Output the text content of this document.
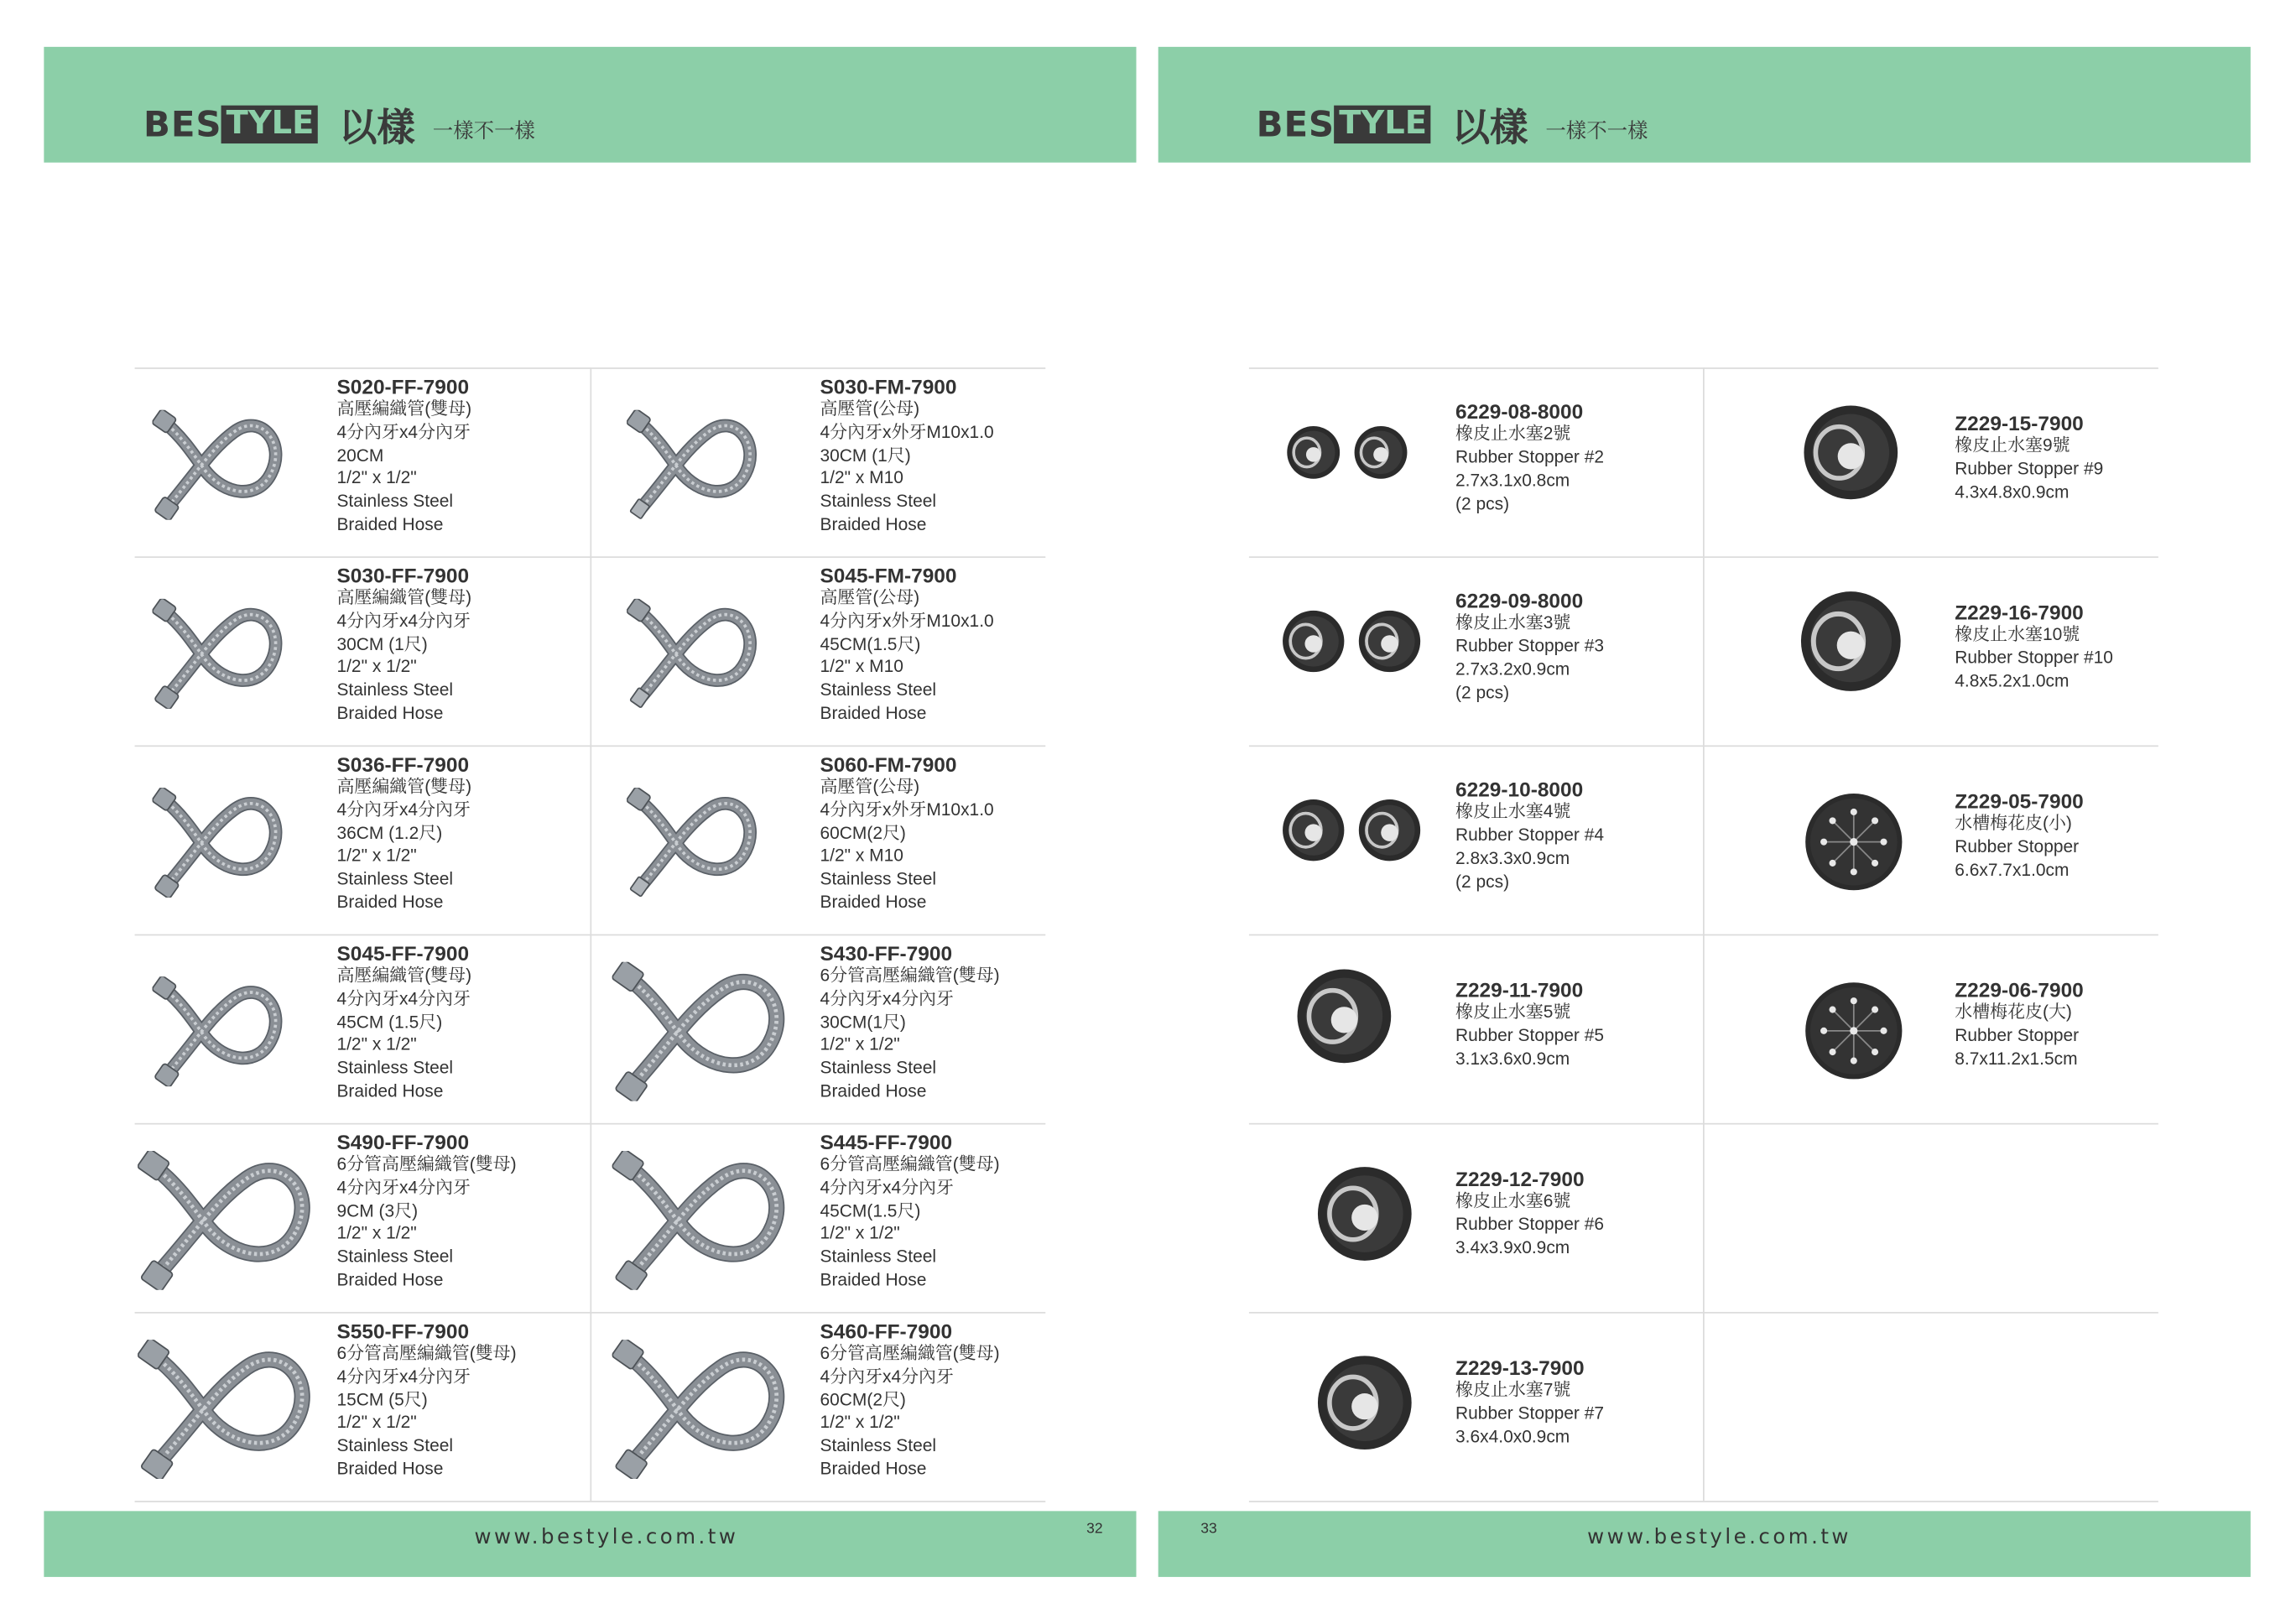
BES TYLE 以樣 一樣不一樣
www.bestyle.com.tw	32
BES TYLE 以樣 一樣不一樣
www.bestyle.com.tw
33
S020-FF-7900
高壓編織管(雙母)
4分內牙x4分內牙
20CM
1/2" x 1/2"
Stainless Steel
Braided Hose
S030-FM-7900
高壓管(公母)
4分內牙x外牙M10x1.0
30CM (1尺)
1/2" x M10
Stainless Steel
Braided Hose
S030-FF-7900
高壓編織管(雙母)
4分內牙x4分內牙
30CM (1尺)
1/2" x 1/2"
Stainless Steel
Braided Hose
S045-FM-7900
高壓管(公母)
4分內牙x外牙M10x1.0
45CM(1.5尺)
1/2" x M10
Stainless Steel
Braided Hose
S036-FF-7900
高壓編織管(雙母)
4分內牙x4分內牙
36CM (1.2尺)
1/2" x 1/2"
Stainless Steel
Braided Hose
S060-FM-7900
高壓管(公母)
4分內牙x外牙M10x1.0
60CM(2尺)
1/2" x M10
Stainless Steel
Braided Hose
S045-FF-7900
高壓編織管(雙母)
4分內牙x4分內牙
45CM (1.5尺)
1/2" x 1/2"
Stainless Steel
Braided Hose
S430-FF-7900
6分管高壓編織管(雙母)
4分內牙x4分內牙
30CM(1尺)
1/2" x 1/2"
Stainless Steel
Braided Hose
S490-FF-7900
6分管高壓編織管(雙母)
4分內牙x4分內牙
9CM (3尺)
1/2" x 1/2"
Stainless Steel
Braided Hose
S445-FF-7900
6分管高壓編織管(雙母)
4分內牙x4分內牙
45CM(1.5尺)
1/2" x 1/2"
Stainless Steel
Braided Hose
S550-FF-7900
6分管高壓編織管(雙母)
4分內牙x4分內牙
15CM (5尺)
1/2" x 1/2"
Stainless Steel
Braided Hose
S460-FF-7900
6分管高壓編織管(雙母)
4分內牙x4分內牙
60CM(2尺)
1/2" x 1/2"
Stainless Steel
Braided Hose
6229-08-8000
橡皮止水塞2號
Rubber Stopper #2
2.7x3.1x0.8cm
(2 pcs)
Z229-15-7900
橡皮止水塞9號
Rubber Stopper #9
4.3x4.8x0.9cm
6229-09-8000
橡皮止水塞3號
Rubber Stopper #3
2.7x3.2x0.9cm
(2 pcs)
Z229-16-7900
橡皮止水塞10號
Rubber Stopper #10
4.8x5.2x1.0cm
6229-10-8000
橡皮止水塞4號
Rubber Stopper #4
2.8x3.3x0.9cm
(2 pcs)
Z229-05-7900
水槽梅花皮(小)
Rubber Stopper
6.6x7.7x1.0cm
Z229-11-7900
橡皮止水塞5號
Rubber Stopper #5
3.1x3.6x0.9cm
Z229-06-7900
水槽梅花皮(大)
Rubber Stopper
8.7x11.2x1.5cm
Z229-12-7900
橡皮止水塞6號
Rubber Stopper #6
3.4x3.9x0.9cm
Z229-13-7900
橡皮止水塞7號
Rubber Stopper #7
3.6x4.0x0.9cm
